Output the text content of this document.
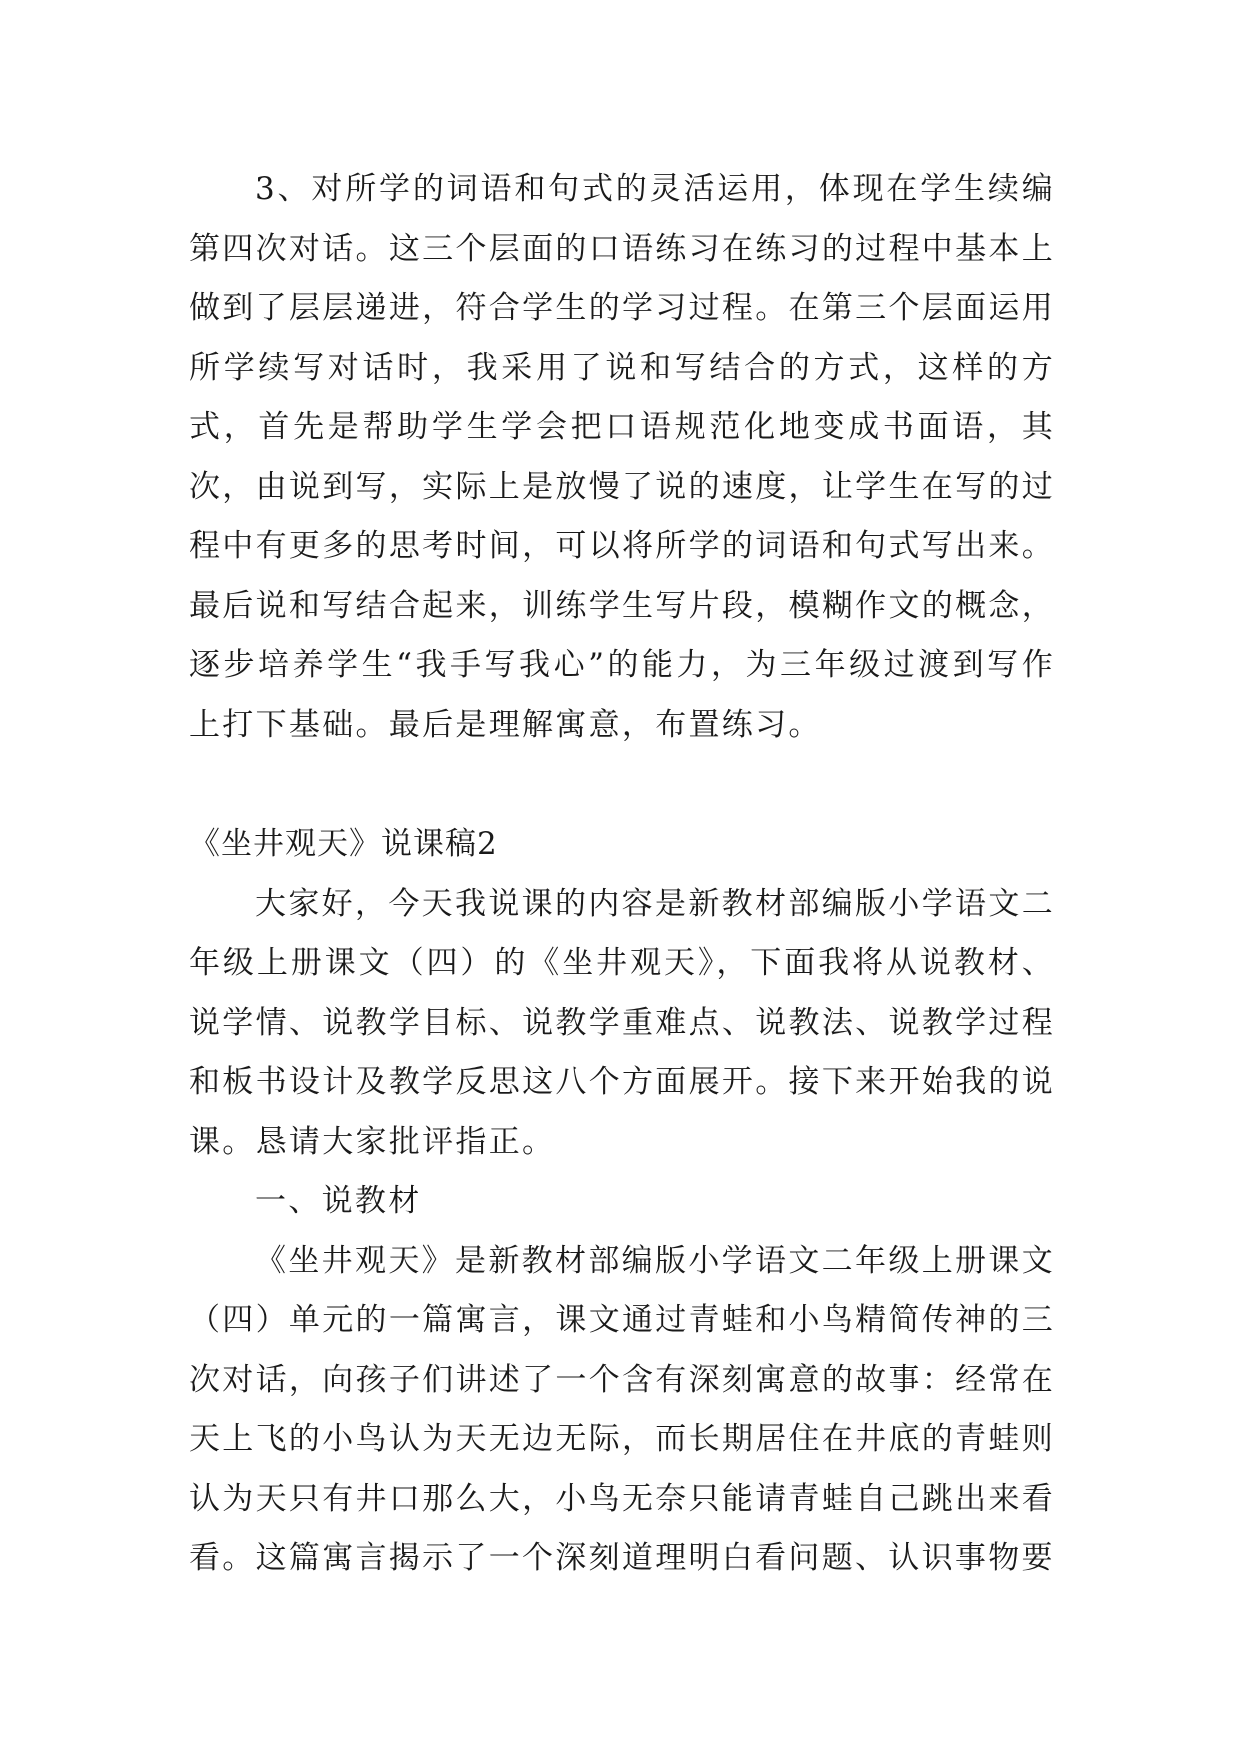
3、对所学的词语和句式的灵活运用，体现在学生续编第四次对话。这三个层面的口语练习在练习的过程中基本上做到了层层递进，符合学生的学习过程。在第三个层面运用所学续写对话时，我采用了说和写结合的方式，这样的方式，首先是帮助学生学会把口语规范化地变成书面语，其次，由说到写，实际上是放慢了说的速度，让学生在写的过程中有更多的思考时间，可以将所学的词语和句式写出来。最后说和写结合起来，训练学生写片段，模糊作文的概念，逐步培养学生“我手写我心”的能力，为三年级过渡到写作上打下基础。最后是理解寓意，布置练习。

《坐井观天》说课稿2

大家好，今天我说课的内容是新教材部编版小学语文二年级上册课文（四）的《坐井观天》，下面我将从说教材、说学情、说教学目标、说教学重难点、说教法、说教学过程和板书设计及教学反思这八个方面展开。接下来开始我的说课。恳请大家批评指正。

一、说教材

《坐井观天》是新教材部编版小学语文二年级上册课文（四）单元的一篇寓言，课文通过青蛙和小鸟精简传神的三次对话，向孩子们讲述了一个含有深刻寓意的故事：经常在天上飞的小鸟认为天无边无际，而长期居住在井底的青蛙则认为天只有井口那么大，小鸟无奈只能请青蛙自己跳出来看看。这篇寓言揭示了一个深刻道理明白看问题、认识事物要
